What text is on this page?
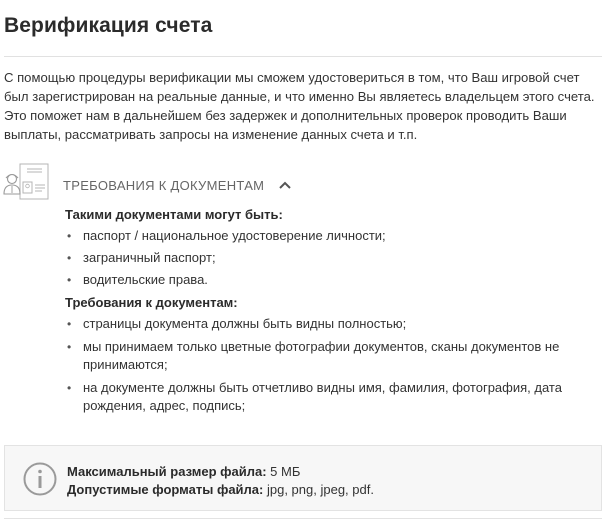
Верификация счета

С помощью процедуры верификации мы сможем удостовериться в том, что Ваш игровой счет был зарегистрирован на реальные данные, и что именно Вы являетесь владельцем этого счета. Это поможет нам в дальнейшем без задержек и дополнительных проверок проводить Ваши выплаты, рассматривать запросы на изменение данных счета и т.п.

ТРЕБОВАНИЯ К ДОКУМЕНТАМ

Такими документами могут быть:

• паспорт / национальное удостоверение личности;
• заграничный паспорт;
• водительские права.

Требования к документам:

• страницы документа должны быть видны полностью;
• мы принимаем только цветные фотографии документов, сканы документов не принимаются;
• на документе должны быть отчетливо видны имя, фамилия, фотография, дата рождения, адрес, подпись;
Максимальный размер файла: 5 МБ
Допустимые форматы файла: jpg, png, jpeg, pdf.
